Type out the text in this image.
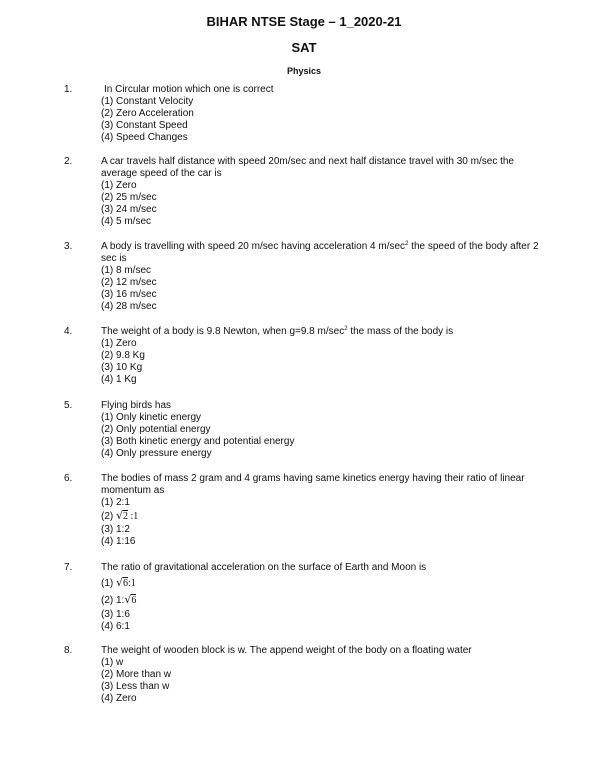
BIHAR NTSE Stage – 1_2020-21
SAT
Physics
1.	In Circular motion which one is correct

(1) Constant Velocity
(2) Zero Acceleration
(3) Constant Speed
(4) Speed Changes
2.	A car travels half distance with speed 20m/sec and next half distance travel with 30 m/sec the average speed of the car is

(1) Zero
(2) 25 m/sec
(3) 24 m/sec
(4) 5 m/sec
3.	A body is travelling with speed 20 m/sec having acceleration 4 $m/\sec^2$ the speed of the body after 2 sec is

(1) 8 m/sec
(2) 12 m/sec
(3) 16 m/sec
(4) 28 m/sec
4.	The weight of a body is 9.8 Newton, when g=9.8 $m/\sec^2$ the mass of the body is

(1) Zero
(2) 9.8 Kg
(3) 10 Kg
(4) 1 Kg
5.	Flying birds has

(1) Only kinetic energy
(2) Only potential energy
(3) Both kinetic energy and potential energy
(4) Only pressure energy
6.	The bodies of mass 2 gram and 4 grams having same kinetics energy having their ratio of linear momentum as

(1) 2:1
(2) √2 :1
(3) 1:2
(4) 1:16
7.	The ratio of gravitational acceleration on the surface of Earth and Moon is

(1) √6:1
(2) 1:√6
(3) 1:6
(4) 6:1
8.	The weight of wooden block is w. The append weight of the body on a floating water

(1) w
(2) More than w
(3) Less than w
(4) Zero
